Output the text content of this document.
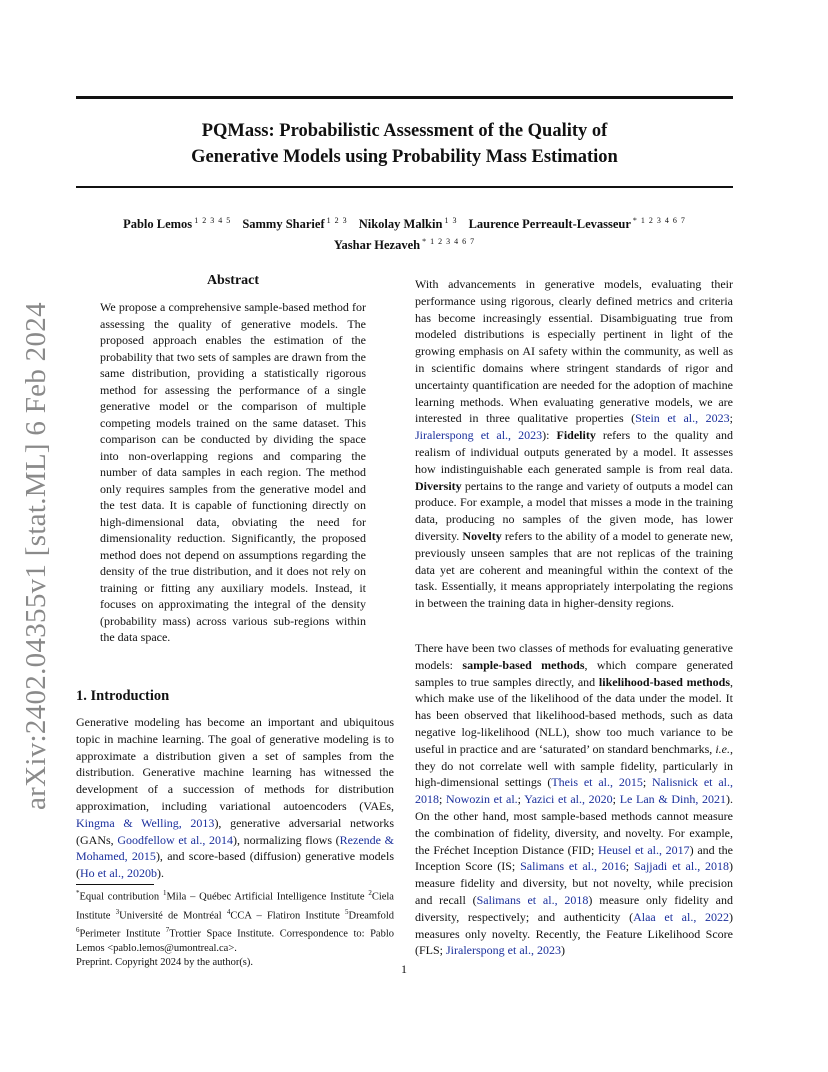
arXiv:2402.04355v1 [stat.ML] 6 Feb 2024
PQMass: Probabilistic Assessment of the Quality of
Generative Models using Probability Mass Estimation
Pablo Lemos $^{1 2 3 4 5}$ Sammy Sharief $^{1 2 3}$ Nikolay Malkin $^{1 3}$ Laurence Perreault-Levasseur $^{* 1 2 3 4 6 7}$
Yashar Hezaveh $^{* 1 2 3 4 6 7}$
Abstract
We propose a comprehensive sample-based method for assessing the quality of generative models. The proposed approach enables the estimation of the probability that two sets of samples are drawn from the same distribution, providing a statistically rigorous method for assessing the performance of a single generative model or the comparison of multiple competing models trained on the same dataset. This comparison can be conducted by dividing the space into non-overlapping regions and comparing the number of data samples in each region. The method only requires samples from the generative model and the test data. It is capable of functioning directly on high-dimensional data, obviating the need for dimensionality reduction. Significantly, the proposed method does not depend on assumptions regarding the density of the true distribution, and it does not rely on training or fitting any auxiliary models. Instead, it focuses on approximating the integral of the density (probability mass) across various sub-regions within the data space.
1. Introduction
Generative modeling has become an important and ubiquitous topic in machine learning. The goal of generative modeling is to approximate a distribution given a set of samples from the distribution. Generative machine learning has witnessed the development of a succession of methods for distribution approximation, including variational autoencoders (VAEs, Kingma & Welling, 2013), generative adversarial networks (GANs, Goodfellow et al., 2014), normalizing flows (Rezende & Mohamed, 2015), and score-based (diffusion) generative models (Ho et al., 2020b).
*Equal contribution $^1$Mila – Québec Artificial Intelligence Institute $^2$Ciela Institute $^3$Université de Montréal $^4$CCA – Flatiron Institute $^5$Dreamfold $^6$Perimeter Institute $^7$Trottier Space Institute. Correspondence to: Pablo Lemos <pablo.lemos@umontreal.ca>.
Preprint. Copyright 2024 by the author(s).
With advancements in generative models, evaluating their performance using rigorous, clearly defined metrics and criteria has become increasingly essential. Disambiguating true from modeled distributions is especially pertinent in light of the growing emphasis on AI safety within the community, as well as in scientific domains where stringent standards of rigor and uncertainty quantification are needed for the adoption of machine learning methods. When evaluating generative models, we are interested in three qualitative properties (Stein et al., 2023; Jiralerspong et al., 2023): Fidelity refers to the quality and realism of individual outputs generated by a model. It assesses how indistinguishable each generated sample is from real data. Diversity pertains to the range and variety of outputs a model can produce. For example, a model that misses a mode in the training data, producing no samples of the given mode, has lower diversity. Novelty refers to the ability of a model to generate new, previously unseen samples that are not replicas of the training data yet are coherent and meaningful within the context of the task. Essentially, it means appropriately interpolating the regions in between the training data in higher-density regions.
There have been two classes of methods for evaluating generative models: sample-based methods, which compare generated samples to true samples directly, and likelihood-based methods, which make use of the likelihood of the data under the model. It has been observed that likelihood-based methods, such as data negative log-likelihood (NLL), show too much variance to be useful in practice and are ‘saturated’ on standard benchmarks, i.e., they do not correlate well with sample fidelity, particularly in high-dimensional settings (Theis et al., 2015; Nalisnick et al., 2018; Nowozin et al.; Yazici et al., 2020; Le Lan & Dinh, 2021). On the other hand, most sample-based methods cannot measure the combination of fidelity, diversity, and novelty. For example, the Fréchet Inception Distance (FID; Heusel et al., 2017) and the Inception Score (IS; Salimans et al., 2016; Sajjadi et al., 2018) measure fidelity and diversity, but not novelty, while precision and recall (Salimans et al., 2018) measure only fidelity and diversity, respectively; and authenticity (Alaa et al., 2022) measures only novelty. Recently, the Feature Likelihood Score (FLS; Jiralerspong et al., 2023)
1
